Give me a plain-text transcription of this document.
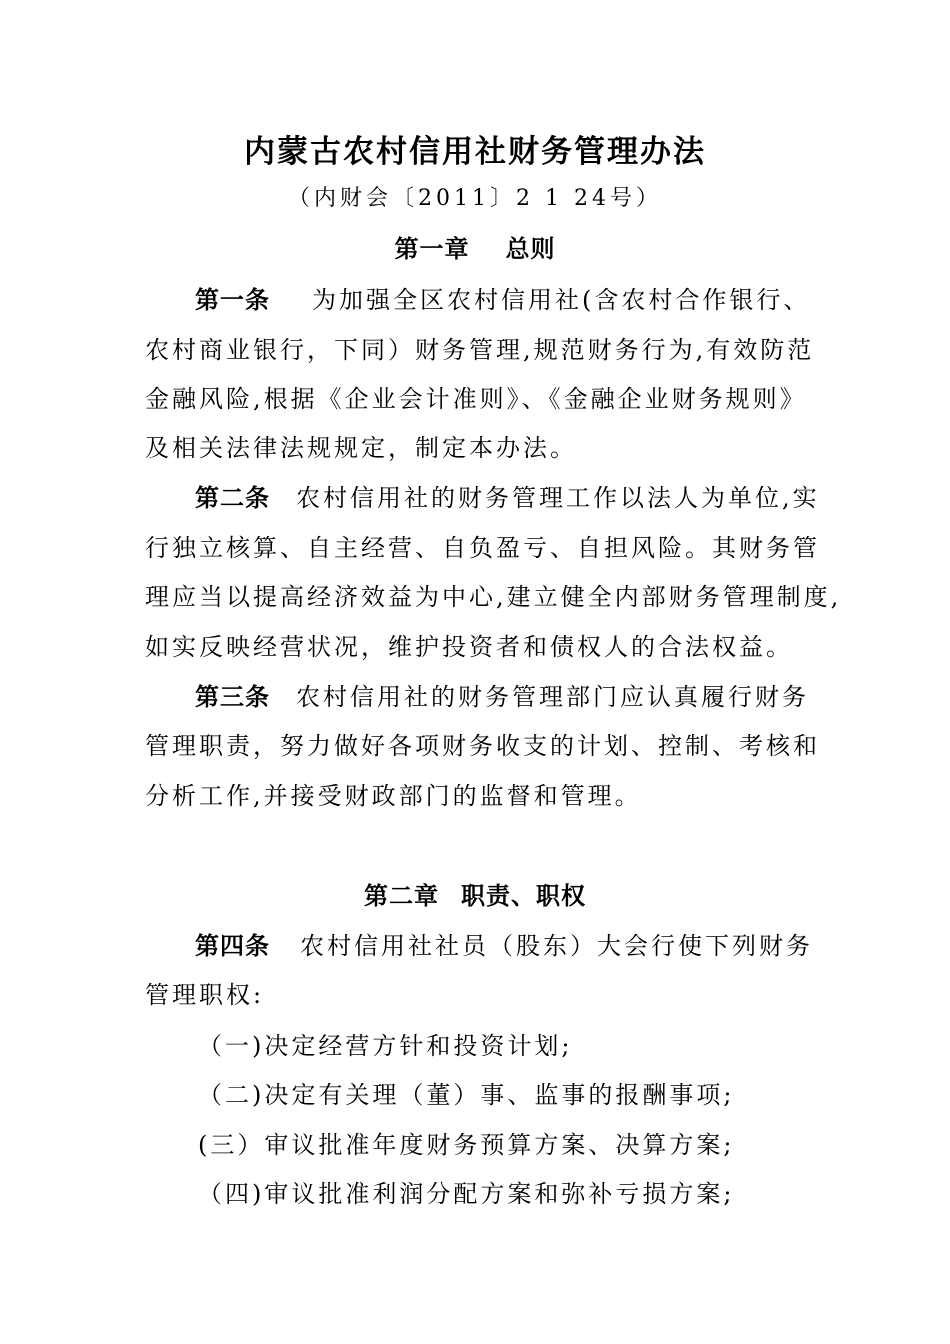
内蒙古农村信用社财务管理办法
（内财会〔2011〕2 1 24号）
第一章 总则
第一条 为加强全区农村信用社(含农村合作银行、
农村商业银行，下同）财务管理,规范财务行为,有效防范
金融风险,根据《企业会计准则》、《金融企业财务规则》
及相关法律法规规定，制定本办法。
第二条 农村信用社的财务管理工作以法人为单位,实
行独立核算、自主经营、自负盈亏、自担风险。其财务管
理应当以提高经济效益为中心,建立健全内部财务管理制度,
如实反映经营状况，维护投资者和债权人的合法权益。
第三条 农村信用社的财务管理部门应认真履行财务
管理职责，努力做好各项财务收支的计划、控制、考核和
分析工作,并接受财政部门的监督和管理。
第二章 职责、职权
第四条 农村信用社社员（股东）大会行使下列财务
管理职权:
（一)决定经营方针和投资计划;
（二)决定有关理（董）事、监事的报酬事项;
(三）审议批准年度财务预算方案、决算方案;
（四)审议批准利润分配方案和弥补亏损方案;
